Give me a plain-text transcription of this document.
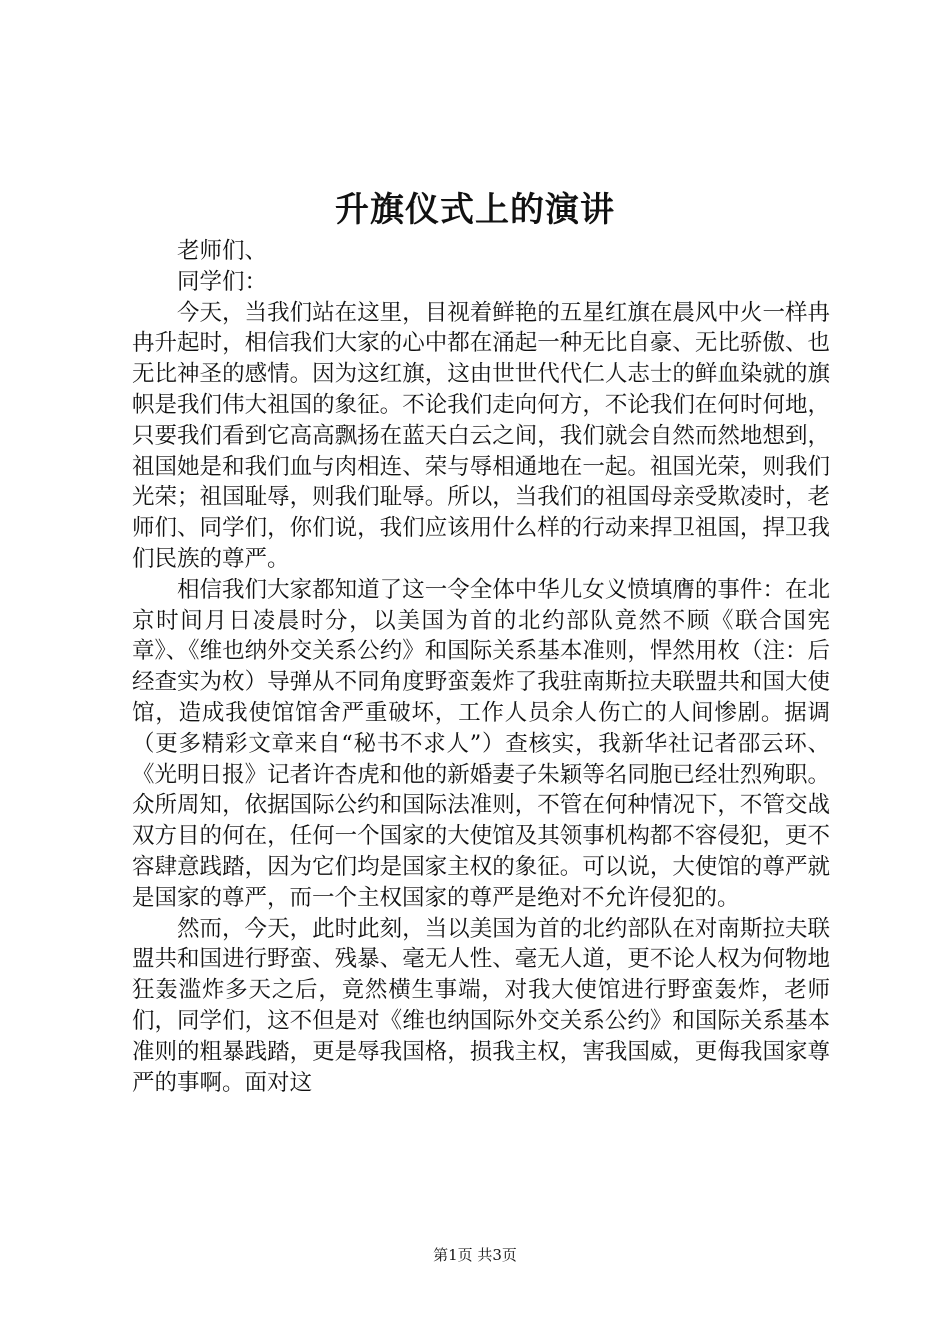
升旗仪式上的演讲
老师们、
同学们：

今天，当我们站在这里，目视着鲜艳的五星红旗在晨风中火一样冉冉升起时，相信我们大家的心中都在涌起一种无比自豪、无比骄傲、也无比神圣的感情。因为这红旗，这由世世代代仁人志士的鲜血染就的旗帜是我们伟大祖国的象征。不论我们走向何方，不论我们在何时何地，只要我们看到它高高飘扬在蓝天白云之间，我们就会自然而然地想到，祖国她是和我们血与肉相连、荣与辱相通地在一起。祖国光荣，则我们光荣；祖国耻辱，则我们耻辱。所以，当我们的祖国母亲受欺凌时，老师们、同学们，你们说，我们应该用什么样的行动来捍卫祖国，捍卫我们民族的尊严。

相信我们大家都知道了这一令全体中华儿女义愤填膺的事件：在北京时间月日凌晨时分，以美国为首的北约部队竟然不顾《联合国宪章》、《维也纳外交关系公约》和国际关系基本准则，悍然用枚（注：后经查实为枚）导弹从不同角度野蛮轰炸了我驻南斯拉夫联盟共和国大使馆，造成我使馆馆舍严重破坏，工作人员余人伤亡的人间惨剧。据调（更多精彩文章来自“秘书不求人”）查核实，我新华社记者邵云环、《光明日报》记者许杏虎和他的新婚妻子朱颖等名同胞已经壮烈殉职。众所周知，依据国际公约和国际法准则，不管在何种情况下，不管交战双方目的何在，任何一个国家的大使馆及其领事机构都不容侵犯，更不容肆意践踏，因为它们均是国家主权的象征。可以说，大使馆的尊严就是国家的尊严，而一个主权国家的尊严是绝对不允许侵犯的。

然而，今天，此时此刻，当以美国为首的北约部队在对南斯拉夫联盟共和国进行野蛮、残暴、毫无人性、毫无人道，更不论人权为何物地狂轰滥炸多天之后，竟然横生事端，对我大使馆进行野蛮轰炸，老师们，同学们，这不但是对《维也纳国际外交关系公约》和国际关系基本准则的粗暴践踏，更是辱我国格，损我主权，害我国威，更侮我国家尊严的事啊。面对这

第1页 共3页
